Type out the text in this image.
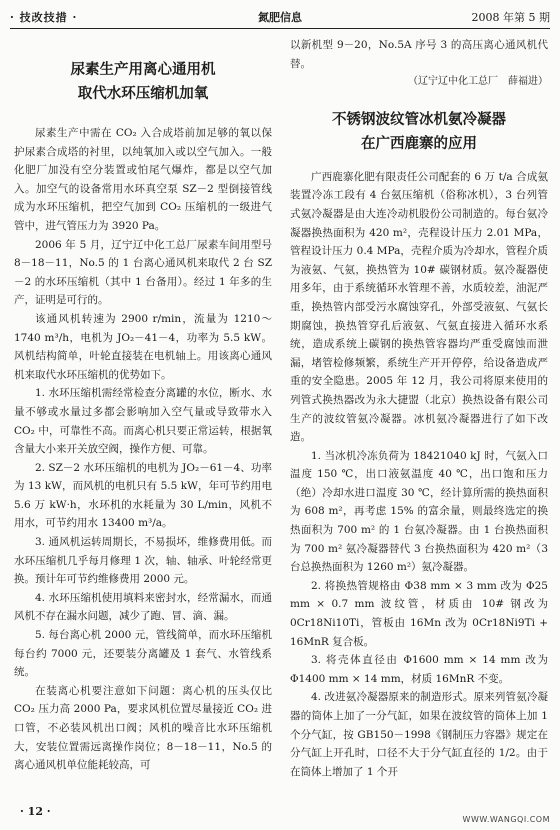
· 技改技措 ·	氮肥信息	2008 年第 5 期
尿素生产用离心通用机
取代水环压缩机加氧

尿素生产中需在 CO₂ 入合成塔前加足够的氧以保护尿素合成塔的衬里，以纯氧加入或以空气加入。一般化肥厂加没有空分装置或怕尾气爆炸，都是以空气加入。加空气的设备常用水环真空泵 SZ－2 型倒接管线成为水环压缩机，把空气加到 CO₂ 压缩机的一级进气管中，进气管压力为 3920 Pa。

2006 年 5 月，辽宁辽中化工总厂尿素车间用型号 8－18－11，No.5 的 1 台离心通风机来取代 2 台 SZ－2 的水环压缩机（其中 1 台备用）。经过 1 年多的生产，证明是可行的。

该通风机转速为 2900 r/min，流量为 1210～1740 m³/h，电机为 JO₂－41－4，功率为 5.5 kW。风机结构简单，叶轮直接装在电机轴上。用该离心通风机来取代水环压缩机的优势如下。

1. 水环压缩机需经常检查分离罐的水位，断水、水量不够或水量过多都会影响加入空气量或导致带水入 CO₂ 中，可靠性不高。而离心机只要正常运转，根据氧含量大小来开关放空阀，操作方便、可靠。

2. SZ－2 水环压缩机的电机为 JO₂－61－4、功率为 13 kW，而风机的电机只有 5.5 kW，年可节约用电 5.6 万 kW·h，水环机的水耗量为 30 L/min，风机不用水，可节约用水 13400 m³/a。

3. 通风机运转周期长，不易损坏，维修费用低。而水环压缩机几乎每月修理 1 次，轴、轴承、叶轮经常更换。预计年可节约维修费用 2000 元。

4. 水环压缩机使用填料来密封水，经常漏水，而通风机不存在漏水问题，减少了跑、冒、滴、漏。

5. 每台离心机 2000 元，管线简单，而水环压缩机每台约 7000 元，还要装分离罐及 1 套气、水管线系统。

在装离心机要注意如下问题：离心机的压头仅比 CO₂ 压力高 2000 Pa，要求风机位置尽量接近 CO₂ 进口管，不必装风机出口阀；风机的噪音比水环压缩机大，安装位置需远离操作岗位；8－18－11，No.5 的离心通风机单位能耗较高，可

以新机型 9－20，No.5A 序号 3 的高压离心通风机代替。

（辽宁辽中化工总厂　薛福进）

不锈钢波纹管冰机氨冷凝器
在广西鹿寨的应用

广西鹿寨化肥有限责任公司配套的 6 万 t/a 合成氨装置冷冻工段有 4 台氨压缩机（俗称冰机），3 台列管式氨冷凝器是由大连冷动机股份公司制造的。每台氨冷凝器换热面积为 420 m²，壳程设计压力 2.01 MPa，管程设计压力 0.4 MPa，壳程介质为冷却水，管程介质为液氨、气氨，换热管为 10# 碳钢材质。氨冷凝器使用多年，由于系统循环水管理不善，水质较差，油泥严重，换热管内部受污水腐蚀穿孔，外部受液氨、气氨长期腐蚀，换热管穿孔后液氨、气氨直接进入循环水系统，造成系统上碳钢的换热管容器均严重受腐蚀而泄漏，堵管检修频繁，系统生产开开停停，给设备造成严重的安全隐患。2005 年 12 月，我公司将原来使用的列管式换热器改为永大捷盟（北京）换热设备有限公司生产的波纹管氨冷凝器。冰机氨冷凝器进行了如下改造。

1. 当冰机冷冻负荷为 18421040 kJ 时，气氨入口温度 150 ℃，出口液氨温度 40 ℃，出口饱和压力（绝）冷却水进口温度 30 ℃，经计算所需的换热面积为 608 m²，再考虑 15% 的富余量，则最终选定的换热面积为 700 m² 的 1 台氨冷凝器。由 1 台换热面积为 700 m² 氨冷凝器替代 3 台换热面积为 420 m²（3 台总换热面积为 1260 m²）氨冷凝器。

2. 将换热管规格由 Φ38 mm × 3 mm 改为 Φ25 mm × 0.7 mm 波纹管，材质由 10# 钢改为 0Cr18Ni10Ti，管板由 16Mn 改为 0Cr18Ni9Ti + 16MnR 复合板。

3. 将壳体直径由 Φ1600 mm × 14 mm 改为 Φ1400 mm × 14 mm，材质 16MnR 不变。

4. 改进氨冷凝器原来的制造形式。原来列管氨冷凝器的筒体上加了一分气缸，如果在波纹管的筒体上加 1 个分气缸，按 GB150－1998《钢制压力容器》规定在分气缸上开孔时，口径不大于分气缸直径的 1/2。由于在筒体上增加了 1 个开

· 12 ·
WWW.WANGQI.COM
